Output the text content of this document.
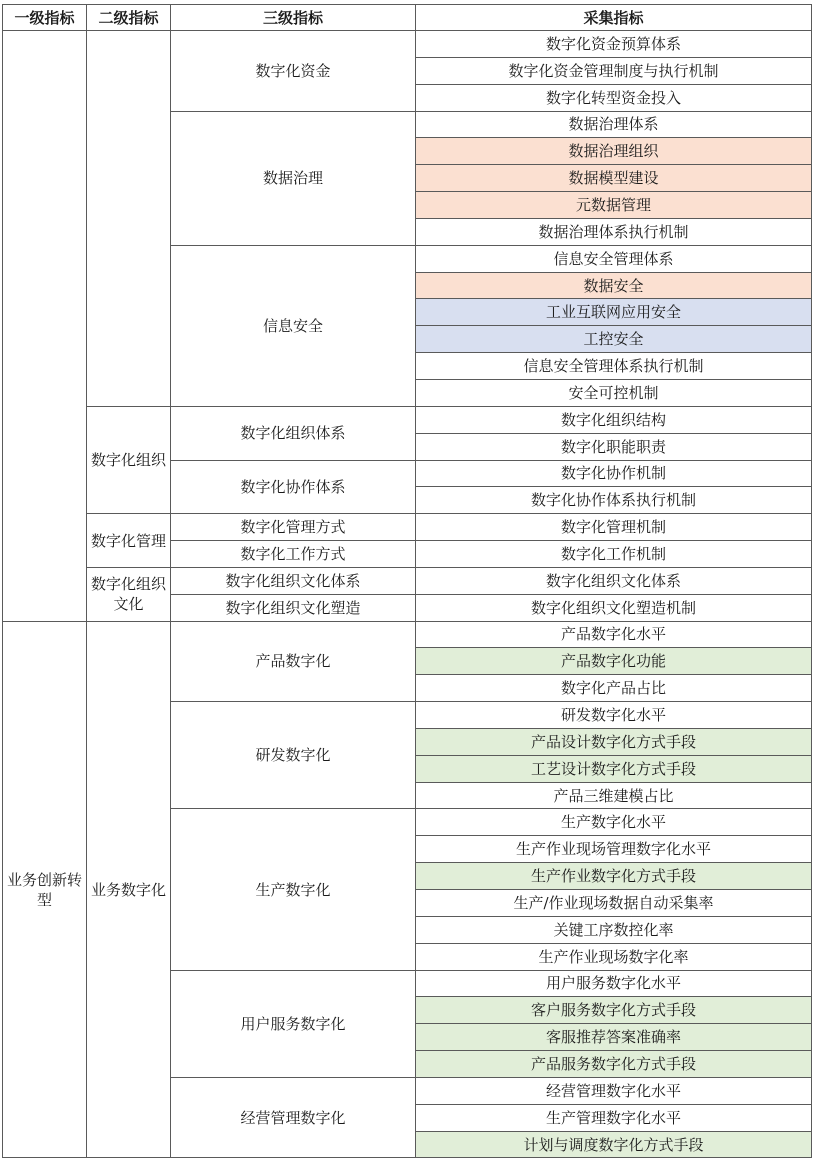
一级指标	二级指标	三级指标	采集指标
		数字化资金	数字化资金预算体系
			数字化资金管理制度与执行机制
			数字化转型资金投入
		数据治理	数据治理体系
			数据治理组织
			数据模型建设
			元数据管理
			数据治理体系执行机制
		信息安全	信息安全管理体系
			数据安全
			工业互联网应用安全
			工控安全
			信息安全管理体系执行机制
			安全可控机制
	数字化组织	数字化组织体系	数字化组织结构
			数字化职能职责
		数字化协作体系	数字化协作机制
			数字化协作体系执行机制
	数字化管理	数字化管理方式	数字化管理机制
		数字化工作方式	数字化工作机制
	数字化组织文化	数字化组织文化体系	数字化组织文化体系
		数字化组织文化塑造	数字化组织文化塑造机制
业务创新转型	业务数字化	产品数字化	产品数字化水平
			产品数字化功能
			数字化产品占比
		研发数字化	研发数字化水平
			产品设计数字化方式手段
			工艺设计数字化方式手段
			产品三维建模占比
		生产数字化	生产数字化水平
			生产作业现场管理数字化水平
			生产作业数字化方式手段
			生产/作业现场数据自动采集率
			关键工序数控化率
			生产作业现场数字化率
		用户服务数字化	用户服务数字化水平
			客户服务数字化方式手段
			客服推荐答案准确率
			产品服务数字化方式手段
		经营管理数字化	经营管理数字化水平
			生产管理数字化水平
			计划与调度数字化方式手段
